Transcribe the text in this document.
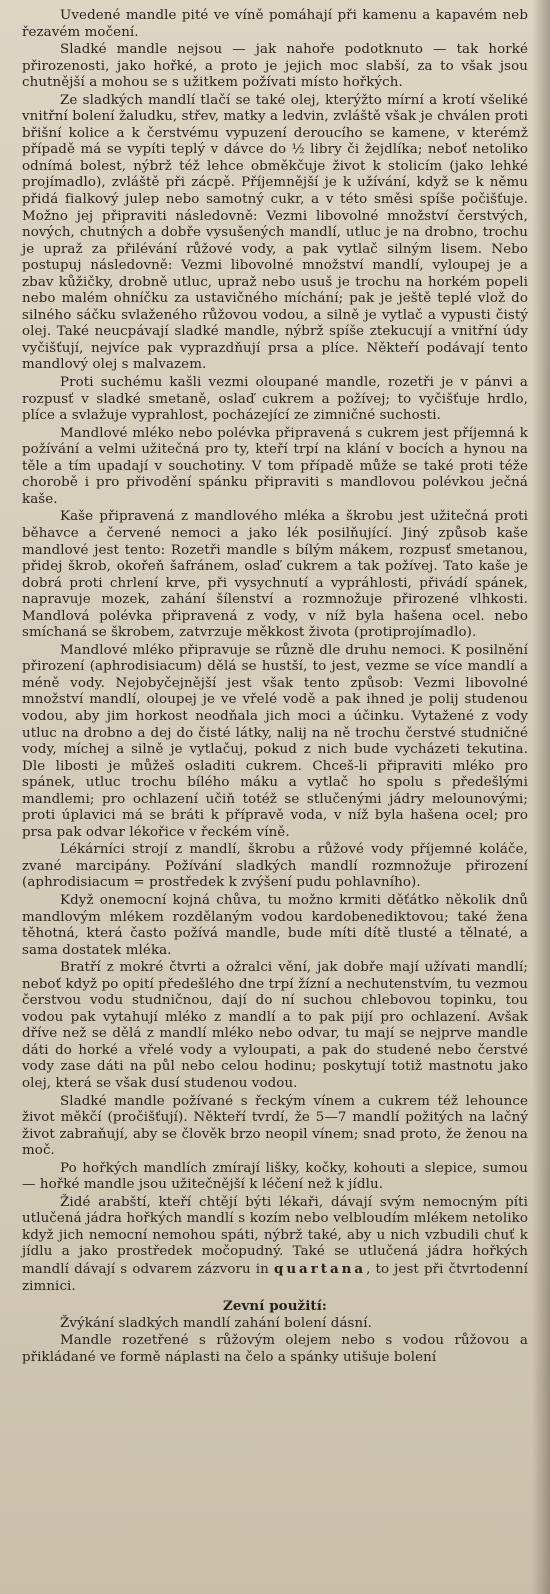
Uvedené mandle pité ve víně pomáhají při kamenu a kapavém neb řezavém močení.

Sladké mandle nejsou — jak nahoře podotknuto — tak horké přirozenosti, jako hořké, a proto je jejich moc slabší, za to však jsou chutnější a mohou se s užitkem požívati místo hořkých.

Ze sladkých mandlí tlačí se také olej, kterýžto mírní a krotí všeliké vnitřní bolení žaludku, střev, matky a ledvin, zvláště však je chválen proti břišní kolice a k čerstvému vypuzení deroucího se kamene, v kterémž případě má se vypíti teplý v dávce do ½ libry či žejdlíka; neboť netoliko odnímá bolest, nýbrž též lehce obměkčuje život k stolicím (jako lehké projímadlo), zvláště při zácpě. Příjemnější je k užívání, když se k němu přidá fialkový julep nebo samotný cukr, a v této směsi spíše počišťuje. Možno jej připraviti následovně: Vezmi libovolné množství čerstvých, nových, chutných a dobře vysušených mandlí, utluc je na drobno, trochu je upraž za přilévání růžové vody, a pak vytlač silným lisem. Nebo postupuj následovně: Vezmi libovolné množství mandlí, vyloupej je a zbav kůžičky, drobně utluc, upraž nebo usuš je trochu na horkém popeli nebo malém ohníčku za ustavičného míchání; pak je ještě teplé vlož do silného sáčku svlaženého růžovou vodou, a silně je vytlač a vypusti čistý olej. Také neucpávají sladké mandle, nýbrž spíše ztekucují a vnitřní údy vyčišťují, nejvíce pak vyprazdňují prsa a plíce. Někteří podávají tento mandlový olej s malvazem.

Proti suchému kašli vezmi oloupané mandle, rozetři je v pánvi a rozpusť v sladké smetaně, oslaď cukrem a požívej; to vyčišťuje hrdlo, plíce a svlažuje vyprahlost, pocházející ze zimničné suchosti.

Mandlové mléko nebo polévka připravená s cukrem jest příjemná k požívání a velmi užitečná pro ty, kteří trpí na klání v bocích a hynou na těle a tím upadají v souchotiny. V tom případě může se také proti téže chorobě i pro přivodění spánku připraviti s mandlovou polévkou ječná kaše.

Kaše připravená z mandlového mléka a škrobu jest užitečná proti běhavce a červené nemoci a jako lék posilňující. Jiný způsob kaše mandlové jest tento: Rozetři mandle s bílým mákem, rozpusť smetanou, přidej škrob, okořeň šafránem, oslaď cukrem a tak požívej. Tato kaše je dobrá proti chrlení krve, při vysychnutí a vypráhlosti, přivádí spánek, napravuje mozek, zahání šílenství a rozmnožuje přirozené vlhkosti. Mandlová polévka připravená z vody, v níž byla hašena ocel. nebo smíchaná se škrobem, zatvrzuje měkkost života (protiprojímadlo).

Mandlové mléko připravuje se různě dle druhu nemoci. K posilnění přirození (aphrodisiacum) dělá se hustší, to jest, vezme se více mandlí a méně vody. Nejobyčejnější jest však tento způsob: Vezmi libovolné množství mandlí, oloupej je ve vřelé vodě a pak ihned je polij studenou vodou, aby jim horkost neodňala jich moci a účinku. Vytažené z vody utluc na drobno a dej do čisté látky, nalij na ně trochu čerstvé studničné vody, míchej a silně je vytlačuj, pokud z nich bude vycházeti tekutina. Dle libosti je můžeš osladiti cukrem. Chceš-li připraviti mléko pro spánek, utluc trochu bílého máku a vytlač ho spolu s předešlými mandlemi; pro ochlazení učiň totéž se stlučenými jádry melounovými; proti úplavici má se bráti k přípravě voda, v níž byla hašena ocel; pro prsa pak odvar lékořice v řeckém víně.

Lékárníci strojí z mandlí, škrobu a růžové vody příjemné koláče, zvané marcipány. Požívání sladkých mandlí rozmnožuje přirození (aphrodisiacum = prostředek k zvýšení pudu pohlavního).

Když onemocní kojná chůva, tu možno krmiti děťátko několik dnů mandlovým mlékem rozdělaným vodou kardobenediktovou; také žena těhotná, která často požívá mandle, bude míti dítě tlusté a tělnaté, a sama dostatek mléka.

Bratří z mokré čtvrti a ožralci vění, jak dobře mají užívati mandlí; neboť když po opití předešlého dne trpí žízní a nechutenstvím, tu vezmou čerstvou vodu studničnou, dají do ní suchou chlebovou topinku, tou vodou pak vytahují mléko z mandlí a to pak pijí pro ochlazení. Avšak dříve než se dělá z mandlí mléko nebo odvar, tu mají se nejprve mandle dáti do horké a vřelé vody a vyloupati, a pak do studené nebo čerstvé vody zase dáti na půl nebo celou hodinu; poskytují totiž mastnotu jako olej, která se však dusí studenou vodou.

Sladké mandle požívané s řeckým vínem a cukrem též lehounce život měkčí (pročišťují). Někteří tvrdí, že 5—7 mandlí požitých na lačný život zabraňují, aby se člověk brzo neopil vínem; snad proto, že ženou na moč.

Po hořkých mandlích zmírají lišky, kočky, kohouti a slepice, sumou — hořké mandle jsou užitečnější k léčení než k jídlu.

Židé arabští, kteří chtějí býti lékaři, dávají svým nemocným píti utlučená jádra hořkých mandlí s kozím nebo velbloudím mlékem netoliko když jich nemocní nemohou spáti, nýbrž také, aby u nich vzbudili chuť k jídlu a jako prostředek močopudný. Také se utlučená jádra hořkých mandlí dávají s odvarem zázvoru in quartana, to jest při čtvrtodenní zimnici.

Zevní použití:

Žvýkání sladkých mandlí zahání bolení dásní.

Mandle rozetřené s růžovým olejem nebo s vodou růžovou a přikládané ve formě náplasti na čelo a spánky utišuje bolení
